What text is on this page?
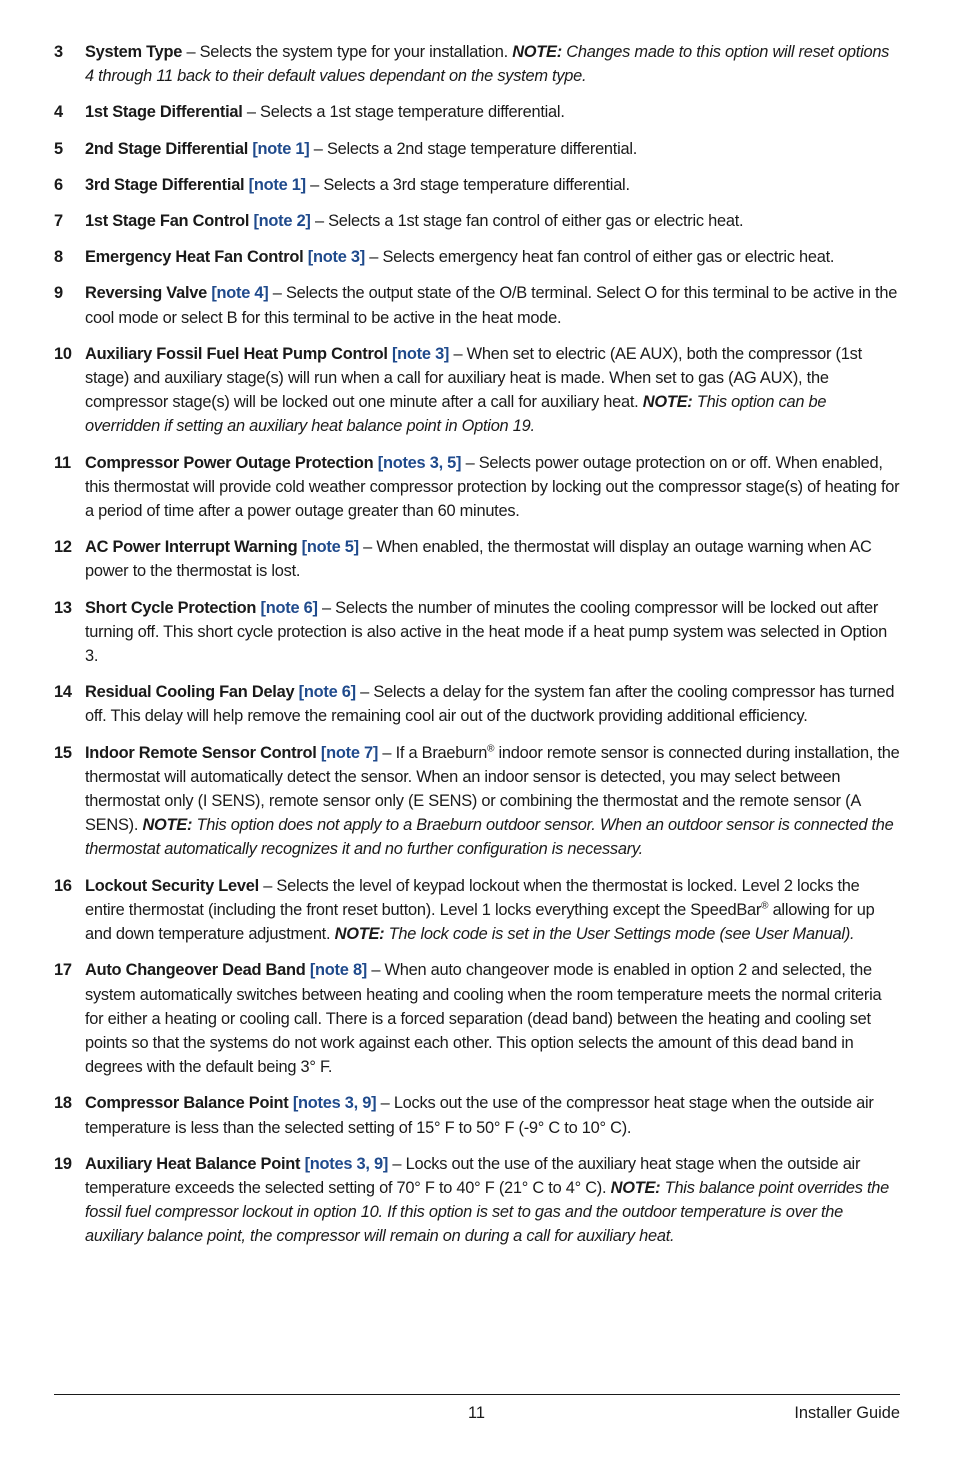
3	System Type – Selects the system type for your installation. NOTE: Changes made to this option will reset options 4 through 11 back to their default values dependant on the system type.
4	1st Stage Differential – Selects a 1st stage temperature differential.
5	2nd Stage Differential [note 1] – Selects a 2nd stage temperature differential.
6	3rd Stage Differential [note 1] – Selects a 3rd stage temperature differential.
7	1st Stage Fan Control [note 2] – Selects a 1st stage fan control of either gas or electric heat.
8	Emergency Heat Fan Control [note 3] – Selects emergency heat fan control of either gas or electric heat.
9	Reversing Valve [note 4] – Selects the output state of the O/B terminal. Select O for this terminal to be active in the cool mode or select B for this terminal to be active in the heat mode.
10 Auxiliary Fossil Fuel Heat Pump Control [note 3] – When set to electric (AE AUX), both the compressor (1st stage) and auxiliary stage(s) will run when a call for auxiliary heat is made. When set to gas (AG AUX), the compressor stage(s) will be locked out one minute after a call for auxiliary heat. NOTE: This option can be overridden if setting an auxiliary heat balance point in Option 19.
11 Compressor Power Outage Protection [notes 3, 5] – Selects power outage protection on or off. When enabled, this thermostat will provide cold weather compressor protection by locking out the compressor stage(s) of heating for a period of time after a power outage greater than 60 minutes.
12 AC Power Interrupt Warning [note 5] – When enabled, the thermostat will display an outage warning when AC power to the thermostat is lost.
13 Short Cycle Protection [note 6] – Selects the number of minutes the cooling compressor will be locked out after turning off. This short cycle protection is also active in the heat mode if a heat pump system was selected in Option 3.
14 Residual Cooling Fan Delay [note 6] – Selects a delay for the system fan after the cooling compressor has turned off. This delay will help remove the remaining cool air out of the ductwork providing additional efficiency.
15 Indoor Remote Sensor Control [note 7] – If a Braeburn® indoor remote sensor is connected during installation, the thermostat will automatically detect the sensor. When an indoor sensor is detected, you may select between thermostat only (I SENS), remote sensor only (E SENS) or combining the thermostat and the remote sensor (A SENS). NOTE: This option does not apply to a Braeburn outdoor sensor. When an outdoor sensor is connected the thermostat automatically recognizes it and no further configuration is necessary.
16 Lockout Security Level – Selects the level of keypad lockout when the thermostat is locked. Level 2 locks the entire thermostat (including the front reset button). Level 1 locks everything except the SpeedBar® allowing for up and down temperature adjustment. NOTE: The lock code is set in the User Settings mode (see User Manual).
17 Auto Changeover Dead Band [note 8] – When auto changeover mode is enabled in option 2 and selected, the system automatically switches between heating and cooling when the room temperature meets the normal criteria for either a heating or cooling call. There is a forced separation (dead band) between the heating and cooling set points so that the systems do not work against each other. This option selects the amount of this dead band in degrees with the default being 3° F.
18 Compressor Balance Point [notes 3, 9] – Locks out the use of the compressor heat stage when the outside air temperature is less than the selected setting of 15° F to 50° F (-9° C to 10° C).
19 Auxiliary Heat Balance Point [notes 3, 9] – Locks out the use of the auxiliary heat stage when the outside air temperature exceeds the selected setting of 70° F to 40° F (21° C to 4° C). NOTE: This balance point overrides the fossil fuel compressor lockout in option 10. If this option is set to gas and the outdoor temperature is over the auxiliary balance point, the compressor will remain on during a call for auxiliary heat.
11	Installer Guide
